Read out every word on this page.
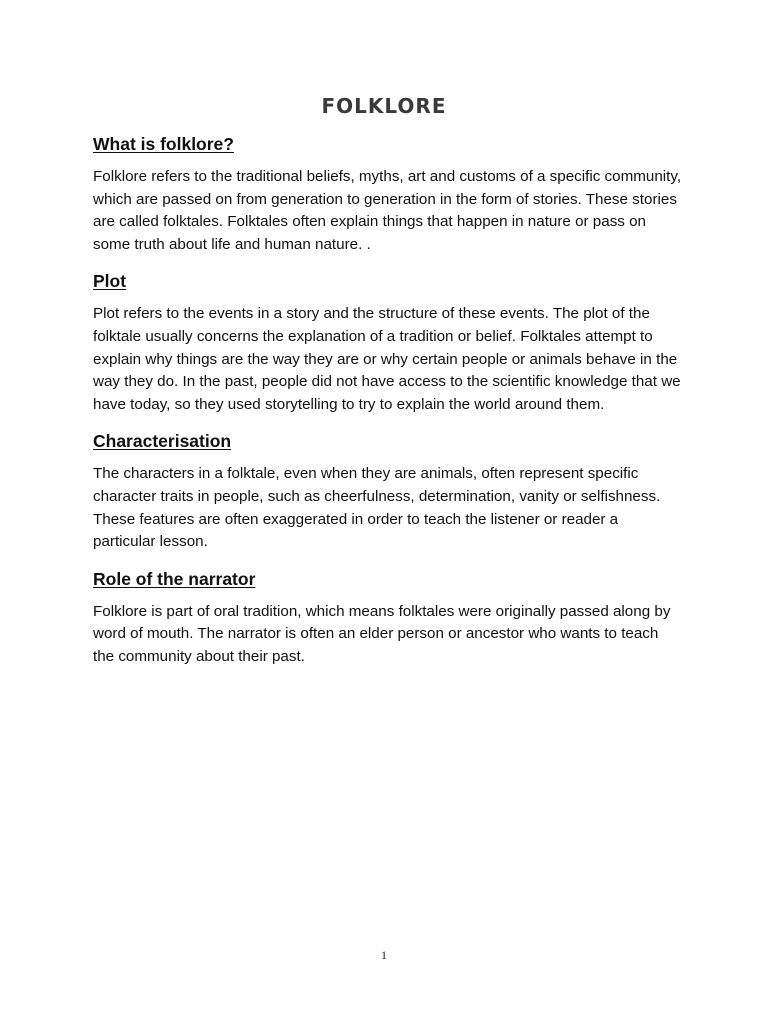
FOLKLORE
What is folklore?
Folklore refers to the traditional beliefs, myths, art and customs of a specific community, which are passed on from generation to generation in the form of stories. These stories are called folktales. Folktales often explain things that happen in nature or pass on some truth about life and human nature. .
Plot
Plot refers to the events in a story and the structure of these events. The plot of the folktale usually concerns the explanation of a tradition or belief. Folktales attempt to explain why things are the way they are or why certain people or animals behave in the way they do. In the past, people did not have access to the scientific knowledge that we have today, so they used storytelling to try to explain the world around them.
Characterisation
The characters in a folktale, even when they are animals, often represent specific character traits in people, such as cheerfulness, determination, vanity or selfishness. These features are often exaggerated in order to teach the listener or reader a particular lesson.
Role of the narrator
Folklore is part of oral tradition, which means folktales were originally passed along by word of mouth. The narrator is often an elder person or ancestor who wants to teach the community about their past.
1
